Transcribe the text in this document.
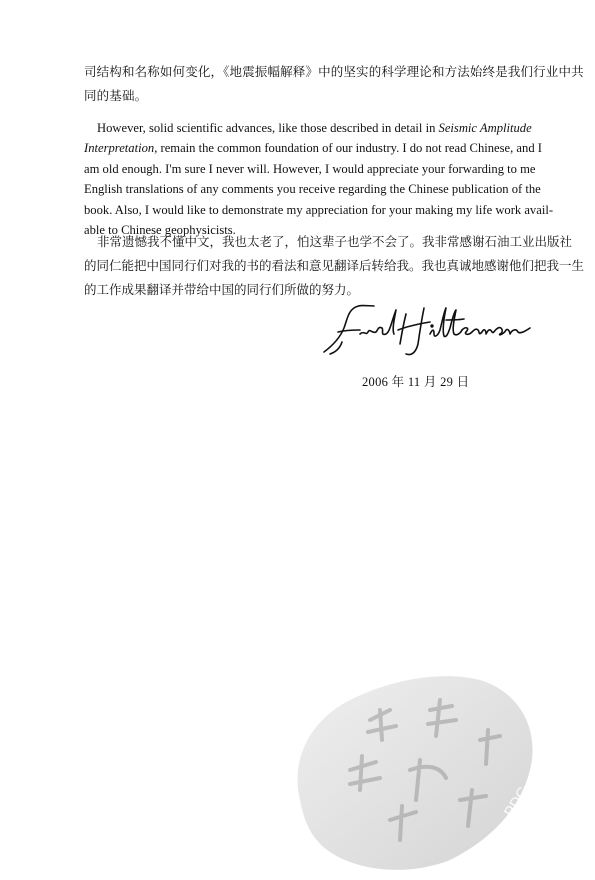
司结构和名称如何变化，《地震振幅解释》中的坚实的科学理论和方法始终是我们行业中共
同的基础。
However, solid scientific advances, like those described in detail in Seismic Amplitude
Interpretation, remain the common foundation of our industry. I do not read Chinese, and I
am old enough. I'm sure I never will. However, I would appreciate your forwarding to me
English translations of any comments you receive regarding the Chinese publication of the
book. Also, I would like to demonstrate my appreciation for your making my life work avail-
able to Chinese geophysicists.
非常遗憾我不懂中文，我也太老了，怕这辈子也学不会了。我非常感谢石油工业出版社
的同仁能把中国同行们对我的书的看法和意见翻译后转给我。我也真诚地感谢他们把我一生
的工作成果翻译并带给中国的同行们所做的努力。
2006 年 11 月 29 日
PDG
